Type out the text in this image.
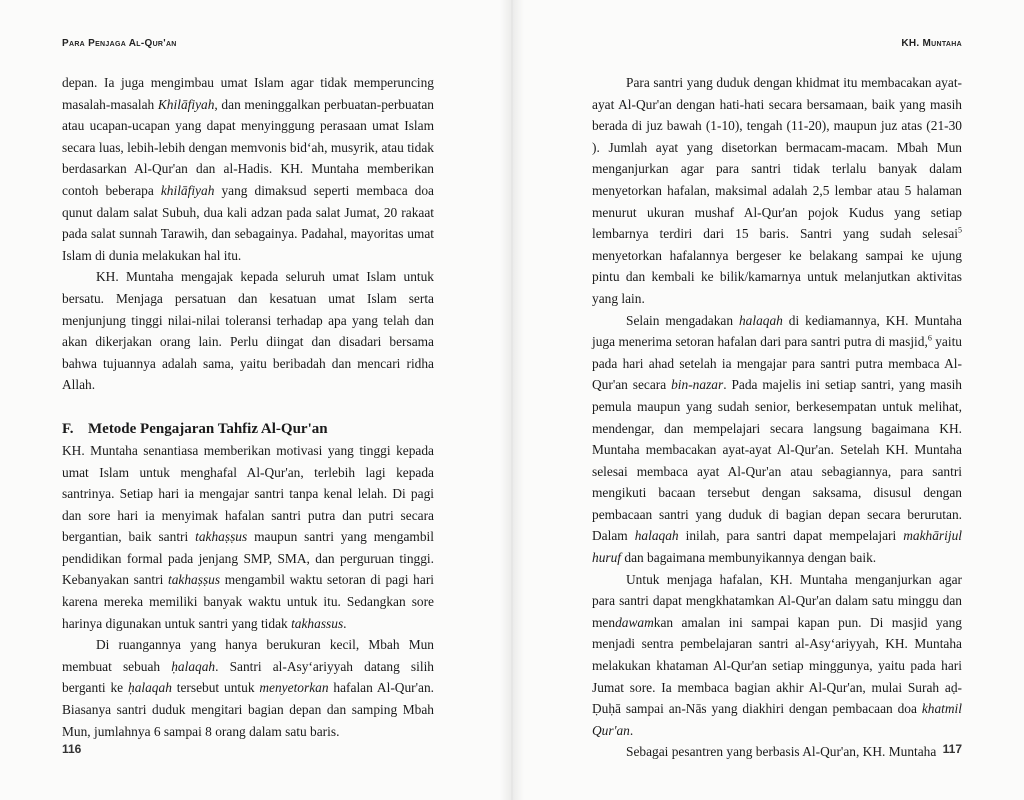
Para Penjaga Al-Qur'an

depan. Ia juga mengimbau umat Islam agar tidak memperuncing masalah-masalah Khilāfiyah, dan meninggalkan perbuatan-perbuatan atau ucapan-ucapan yang dapat menyinggung perasaan umat Islam secara luas, lebih-lebih dengan memvonis bid‘ah, musyrik, atau tidak berdasarkan Al-Qur'an dan al-Hadis. KH. Muntaha memberikan contoh beberapa khilāfiyah yang dimaksud seperti membaca doa qunut dalam salat Subuh, dua kali adzan pada salat Jumat, 20 rakaat pada salat sunnah Tarawih, dan sebagainya. Padahal, mayoritas umat Islam di dunia melakukan hal itu.

KH. Muntaha mengajak kepada seluruh umat Islam untuk bersatu. Menjaga persatuan dan kesatuan umat Islam serta menjunjung tinggi nilai-nilai toleransi terhadap apa yang telah dan akan dikerjakan orang lain. Perlu diingat dan disadari bersama bahwa tujuannya adalah sama, yaitu beribadah dan mencari ridha Allah.

F. Metode Pengajaran Tahfiz Al-Qur'an

KH. Muntaha senantiasa memberikan motivasi yang tinggi kepada umat Islam untuk menghafal Al-Qur'an, terlebih lagi kepada santrinya. Setiap hari ia mengajar santri tanpa kenal lelah. Di pagi dan sore hari ia menyimak hafalan santri putra dan putri secara bergantian, baik santri takhaṣṣus maupun santri yang mengambil pendidikan formal pada jenjang SMP, SMA, dan perguruan tinggi. Kebanyakan santri takhaṣṣus mengambil waktu setoran di pagi hari karena mereka memiliki banyak waktu untuk itu. Sedangkan sore harinya digunakan untuk santri yang tidak takhassus.

Di ruangannya yang hanya berukuran kecil, Mbah Mun membuat sebuah ḥalaqah. Santri al-Asy‘ariyyah datang silih berganti ke ḥalaqah tersebut untuk menyetorkan hafalan Al-Qur'an. Biasanya santri duduk mengitari bagian depan dan samping Mbah Mun, jumlahnya 6 sampai 8 orang dalam satu baris.

116
KH. Muntaha

Para santri yang duduk dengan khidmat itu membacakan ayat-ayat Al-Qur'an dengan hati-hati secara bersamaan, baik yang masih berada di juz bawah (1-10), tengah (11-20), maupun juz atas (21-30 ). Jumlah ayat yang disetorkan bermacam-macam. Mbah Mun menganjurkan agar para santri tidak terlalu banyak dalam menyetorkan hafalan, maksimal adalah 2,5 lembar atau 5 halaman menurut ukuran mushaf Al-Qur'an pojok Kudus yang setiap lembarnya terdiri dari 15 baris. Santri yang sudah selesai$^5$ menyetorkan hafalannya bergeser ke belakang sampai ke ujung pintu dan kembali ke bilik/kamarnya untuk melanjutkan aktivitas yang lain.

Selain mengadakan halaqah di kediamannya, KH. Muntaha juga menerima setoran hafalan dari para santri putra di masjid,$^6$ yaitu pada hari ahad setelah ia mengajar para santri putra membaca Al-Qur'an secara bin-nazar. Pada majelis ini setiap santri, yang masih pemula maupun yang sudah senior, berkesempatan untuk melihat, mendengar, dan mempelajari secara langsung bagaimana KH. Muntaha membacakan ayat-ayat Al-Qur'an. Setelah KH. Muntaha selesai membaca ayat Al-Qur'an atau sebagiannya, para santri mengikuti bacaan tersebut dengan saksama, disusul dengan pembacaan santri yang duduk di bagian depan secara berurutan. Dalam halaqah inilah, para santri dapat mempelajari makhārijul huruf dan bagaimana membunyikannya dengan baik.

Untuk menjaga hafalan, KH. Muntaha menganjurkan agar para santri dapat mengkhatamkan Al-Qur'an dalam satu minggu dan mendawamkan amalan ini sampai kapan pun. Di masjid yang menjadi sentra pembelajaran santri al-Asy‘ariyyah, KH. Muntaha melakukan khataman Al-Qur'an setiap minggunya, yaitu pada hari Jumat sore. Ia membaca bagian akhir Al-Qur'an, mulai Surah aḍ-Ḍuḥā sampai an-Nās yang diakhiri dengan pembacaan doa khatmil Qur'an.

Sebagai pesantren yang berbasis Al-Qur'an, KH. Muntaha 117
